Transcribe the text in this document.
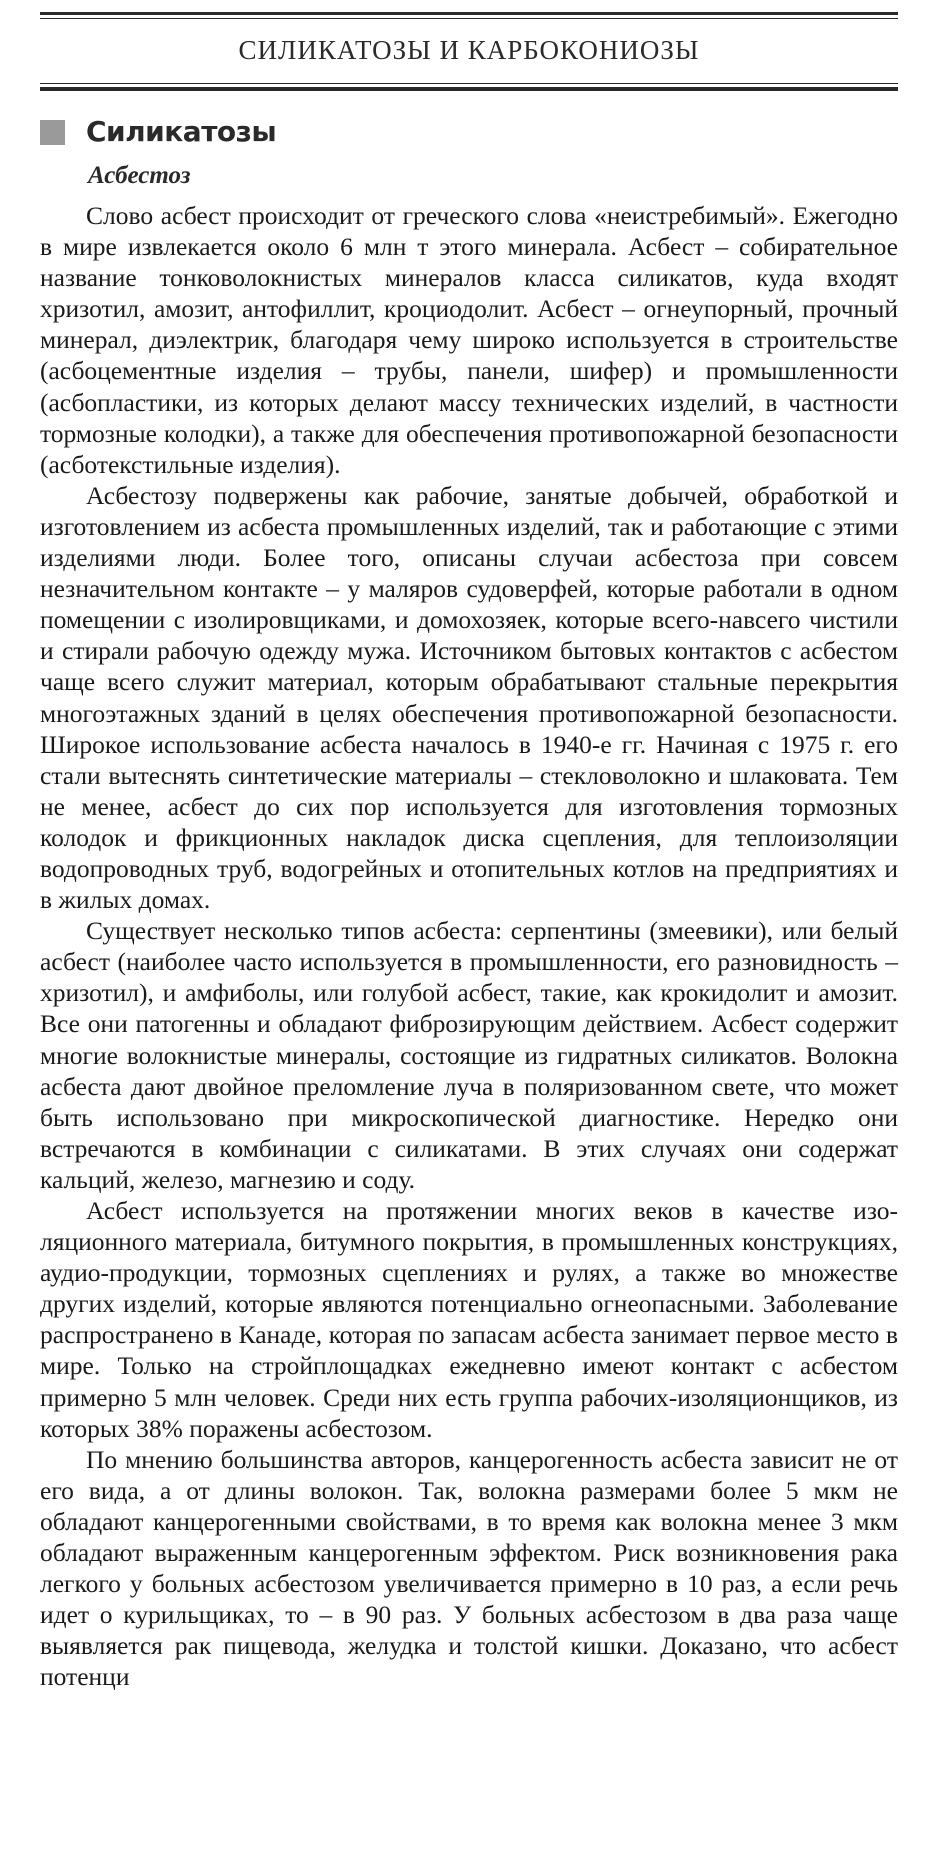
СИЛИКАТОЗЫ И КАРБОКОНИОЗЫ
Силикатозы
Асбестоз

Слово асбест происходит от греческого слова «неистребимый». Ежегодно в мире извлекается около 6 млн т этого минерала. Асбест – собирательное название тонковолокнистых минералов класса силикатов, куда входят хризотил, амозит, антофиллит, кроциодолит. Асбест – огнеупорный, прочный минерал, диэлектрик, благодаря чему широко используется в строительстве (асбоцементные изделия – трубы, панели, шифер) и промышленности (асбопластики, из которых делают массу технических изделий, в частности тормозные колодки), а также для обеспечения противопожарной безопасности (асботекстильные изделия).

Асбестозу подвержены как рабочие, занятые добычей, обработкой и изготовлением из асбеста промышленных изделий, так и работающие с этими изделиями люди. Более того, описаны случаи асбестоза при совсем незначительном контакте – у маляров судоверфей, которые работали в одном помещении с изолировщиками, и домохозяек, которые всего-навсего чистили и стирали рабочую одежду мужа. Источником бытовых контактов с асбестом чаще всего служит материал, которым обрабатывают стальные перекрытия многоэтажных зданий в целях обеспечения противопожарной безопасности. Широкое использование асбеста началось в 1940-е гг. Начиная с 1975 г. его стали вытеснять синтетические материалы – стекловолокно и шлаковата. Тем не менее, асбест до сих пор используется для изготовления тормозных колодок и фрикционных накладок диска сцепления, для теплоизоляции водопроводных труб, водогрейных и отопительных котлов на предприятиях и в жилых домах.

Существует несколько типов асбеста: серпентины (змеевики), или белый асбест (наиболее часто используется в промышленности, его разновидность – хризотил), и амфиболы, или голубой асбест, такие, как крокидолит и амозит. Все они патогенны и обладают фиброзирующим действием. Асбест содержит многие волокнистые минералы, состоящие из гидратных силикатов. Волокна асбеста дают двойное преломление луча в поляризованном свете, что может быть использовано при микроскопической диагностике. Нередко они встречаются в комбинации с силикатами. В этих случаях они содержат кальций, железо, магнезию и соду.

Асбест используется на протяжении многих веков в качестве изоляционного материала, битумного покрытия, в промышленных конструкциях, аудио-продукции, тормозных сцеплениях и рулях, а также во множестве других изделий, которые являются потенциально огнеопасными. Заболевание распространено в Канаде, которая по запасам асбеста занимает первое место в мире. Только на стройплощадках ежедневно имеют контакт с асбестом примерно 5 млн человек. Среди них есть группа рабочих-изоляционщиков, из которых 38% поражены асбестозом.

По мнению большинства авторов, канцерогенность асбеста зависит не от его вида, а от длины волокон. Так, волокна размерами более 5 мкм не обладают канцерогенными свойствами, в то время как волокна менее 3 мкм обладают выраженным канцерогенным эффектом. Риск возникновения рака легкого у больных асбестозом увеличивается примерно в 10 раз, а если речь идет о курильщиках, то – в 90 раз. У больных асбестозом в два раза чаще выявляется рак пищевода, желудка и толстой кишки. Доказано, что асбест потенци
